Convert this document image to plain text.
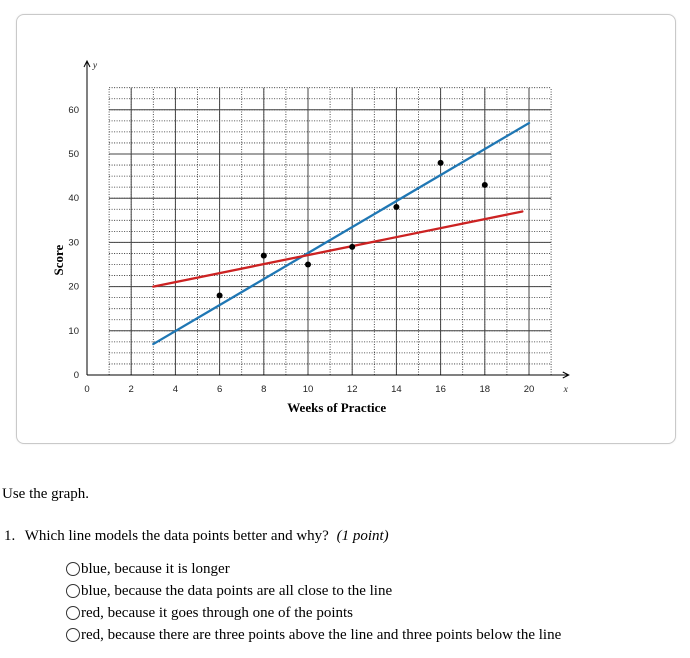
0	2	4	6	8	10	12	14	16	18	20
0
10
20
30
40
50
60
x
y
Weeks of Practice
Score
Use the graph.
1. Which line models the data points better and why? (1 point)
blue, because it is longer
blue, because the data points are all close to the line
red, because it goes through one of the points
red, because there are three points above the line and three points below the line
